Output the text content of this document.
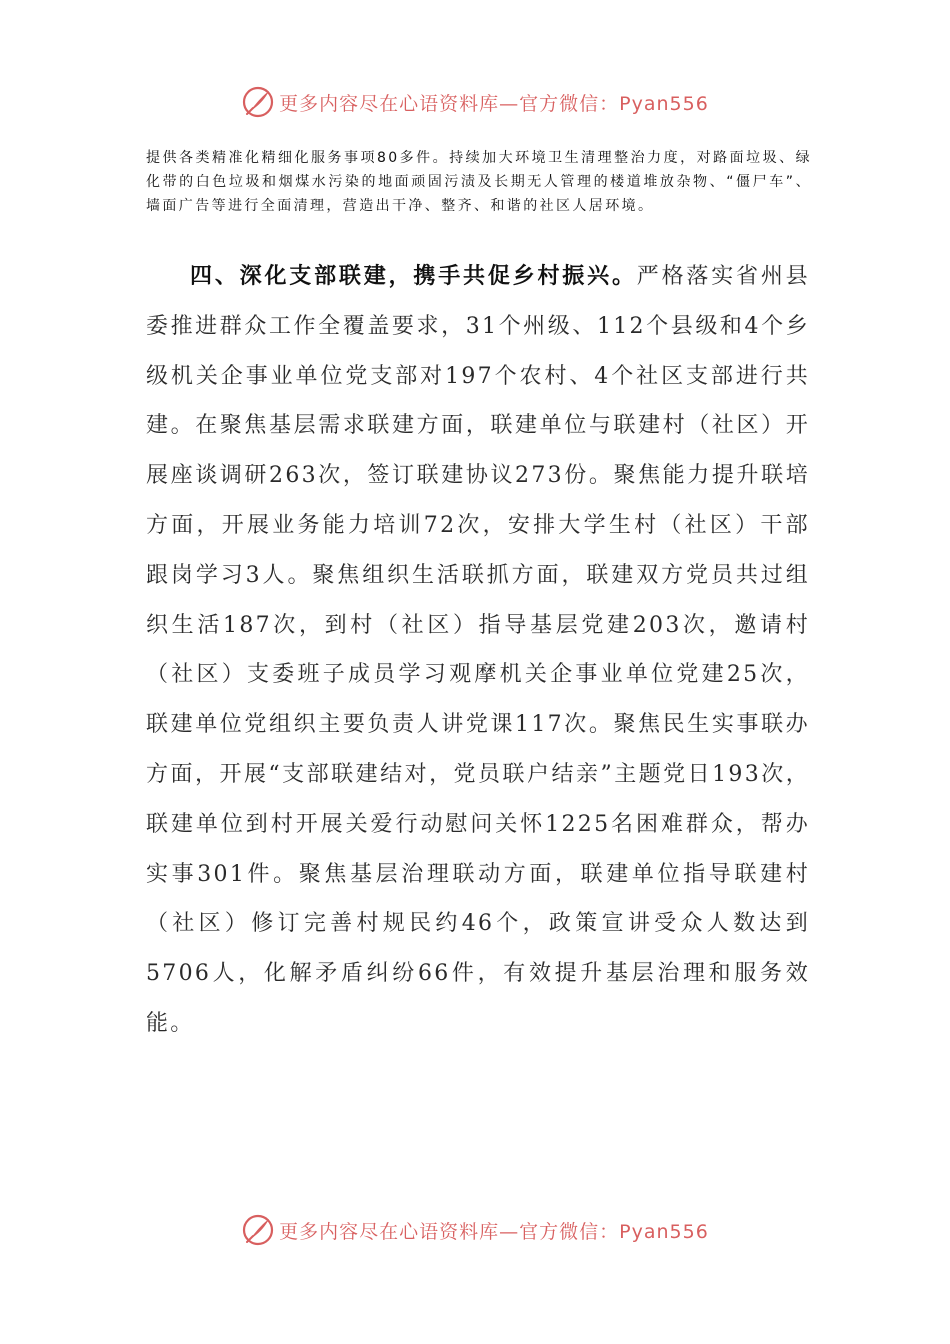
更多内容尽在心语资料库—官方微信：Pyan556

提供各类精准化精细化服务事项80多件。持续加大环境卫生清理整治力度，对路面垃圾、绿化带的白色垃圾和烟煤水污染的地面顽固污渍及长期无人管理的楼道堆放杂物、“僵尸车”、墙面广告等进行全面清理，营造出干净、整齐、和谐的社区人居环境。

四、深化支部联建，携手共促乡村振兴。严格落实省州县委推进群众工作全覆盖要求，31个州级、112个县级和4个乡级机关企事业单位党支部对197个农村、4个社区支部进行共建。在聚焦基层需求联建方面，联建单位与联建村（社区）开展座谈调研263次，签订联建协议273份。聚焦能力提升联培方面，开展业务能力培训72次，安排大学生村（社区）干部跟岗学习3人。聚焦组织生活联抓方面，联建双方党员共过组织生活187次，到村（社区）指导基层党建203次，邀请村（社区）支委班子成员学习观摩机关企事业单位党建25次，联建单位党组织主要负责人讲党课117次。聚焦民生实事联办方面，开展“支部联建结对，党员联户结亲”主题党日193次，联建单位到村开展关爱行动慰问关怀1225名困难群众，帮办实事301件。聚焦基层治理联动方面，联建单位指导联建村（社区）修订完善村规民约46个，政策宣讲受众人数达到5706人，化解矛盾纠纷66件，有效提升基层治理和服务效能。

更多内容尽在心语资料库—官方微信：Pyan556
